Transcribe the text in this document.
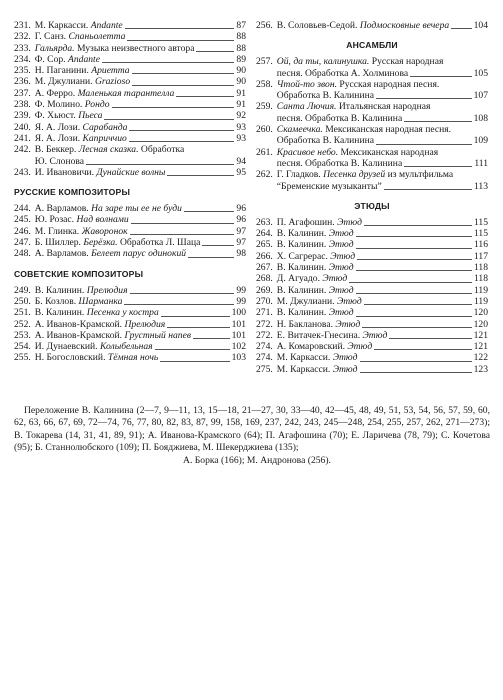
231. М. Каркасси. Andante	87
232. Г. Санз. Спаньолетта	88
233. Гальярда. Музыка неизвестного автора	88
234. Ф. Сор. Andante	89
235. Н. Паганини. Ариетта	90
236. М. Джулиани. Grazioso	90
237. А. Ферро. Маленькая тарантелла	91
238. Ф. Молино. Рондо	91
239. Ф. Хьюст. Пьеса	92
240. Я. А. Лози. Сарабанда	93
241. Я. А. Лози. Каприччио	93
242. В. Беккер. Лесная сказка. Обработка
Ю. Слонова	94
243. И. Ивановичи. Дунайские волны	95
РУССКИЕ КОМПОЗИТОРЫ
244. А. Варламов. На заре ты ее не буди	96
245. Ю. Розас. Над волнами	96
246. М. Глинка. Жаворонок	97
247. Б. Шиллер. Берёзка. Обработка Л. Шаца	97
248. А. Варламов. Белеет парус одинокий	98
СОВЕТСКИЕ КОМПОЗИТОРЫ
249. В. Калинин. Прелюдия	99
250. Б. Козлов. Шарманка	99
251. В. Калинин. Песенка у костра	100
252. А. Иванов-Крамской. Прелюдия	101
253. А. Иванов-Крамской. Грустный напев	101
254. И. Дунаевский. Колыбельная	102
255. Н. Богословский. Тёмная ночь	103
256. В. Соловьев-Седой. Подмосковные вечера	104
АНСАМБЛИ
257. Ой, да ты, калинушка. Русская народная
песня. Обработка А. Холминова	105
258. Чтой-то звон. Русская народная песня.
Обработка В. Калинина	107
259. Санта Лючия. Итальянская народная
песня. Обработка В. Калинина	108
260. Скамеечка. Мексиканская народная песня.
Обработка В. Калинина	109
261. Красивое небо. Мексиканская народная
песня. Обработка В. Калинина	111
262. Г. Гладков. Песенка друзей из мультфильма
“Бременские музыканты”	113
ЭТЮДЫ
263. П. Агафошин. Этюд	115
264. В. Калинин. Этюд	115
265. В. Калинин. Этюд	116
266. Х. Сагрерас. Этюд	117
267. В. Калинин. Этюд	118
268. Д. Агуадо. Этюд	118
269. В. Калинин. Этюд	119
270. М. Джулиани. Этюд	119
271. В. Калинин. Этюд	120
272. Н. Бакланова. Этюд	120
272. Е. Витачек-Гнесина. Этюд	121
274. А. Комаровский. Этюд	121
274. М. Каркасси. Этюд	122
275. М. Каркасси. Этюд	123
Переложение В. Калинина (2—7, 9—11, 13, 15—18, 21—27, 30, 33—40, 42—45, 48, 49, 51, 53, 54, 56, 57, 59, 60, 62, 63, 66, 67, 69, 72—74, 76, 77, 80, 82, 83, 87, 99, 158, 169, 237, 242, 243, 245—248, 254, 255, 257, 262, 271—273); В. Токарева (14, 31, 41, 89, 91); А. Иванова-Крамского (64); П. Агафошина (70); Е. Ларичева (78, 79); С. Кочетова (95); Б. Станнолюбского (109); П. Бояджиева, М. Шекерджиева (135);
А. Борка (166); М. Андронова (256).
